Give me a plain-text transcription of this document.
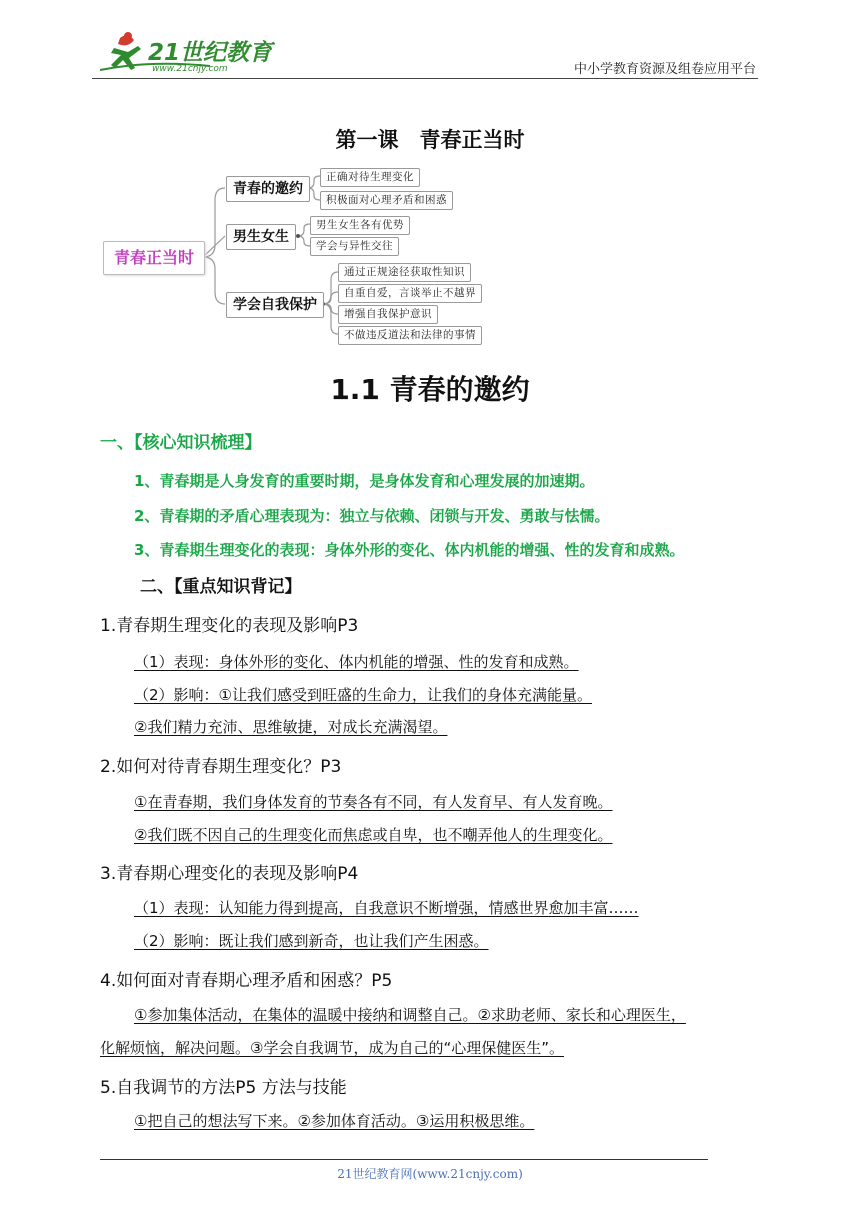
21世纪教育
www.21cnjy.com	中小学教育资源及组卷应用平台
第一课　青春正当时
青春正当时
青春的邀约
男生女生
学会自我保护
正确对待生理变化
积极面对心理矛盾和困惑
男生女生各有优势
学会与异性交往
通过正规途径获取性知识
自重自爱，言谈举止不越界
增强自我保护意识
不做违反道法和法律的事情
1.1 青春的邀约
一、【核心知识梳理】
1、青春期是人身发育的重要时期，是身体发育和心理发展的加速期。
2、青春期的矛盾心理表现为：独立与依赖、闭锁与开发、勇敢与怯懦。
3、青春期生理变化的表现：身体外形的变化、体内机能的增强、性的发育和成熟。
二、【重点知识背记】
1.青春期生理变化的表现及影响P3
（1）表现：身体外形的变化、体内机能的增强、性的发育和成熟。
（2）影响：①让我们感受到旺盛的生命力，让我们的身体充满能量。
②我们精力充沛、思维敏捷，对成长充满渴望。
2.如何对待青春期生理变化？P3
①在青春期，我们身体发育的节奏各有不同，有人发育早、有人发育晚。
②我们既不因自己的生理变化而焦虑或自卑，也不嘲弄他人的生理变化。
3.青春期心理变化的表现及影响P4
（1）表现：认知能力得到提高，自我意识不断增强，情感世界愈加丰富……
（2）影响：既让我们感到新奇，也让我们产生困惑。
4.如何面对青春期心理矛盾和困惑？P5
①参加集体活动，在集体的温暖中接纳和调整自己。②求助老师、家长和心理医生，
化解烦恼，解决问题。③学会自我调节，成为自己的“心理保健医生”。
5.自我调节的方法P5 方法与技能
①把自己的想法写下来。②参加体育活动。③运用积极思维。
21世纪教育网(www.21cnjy.com)
